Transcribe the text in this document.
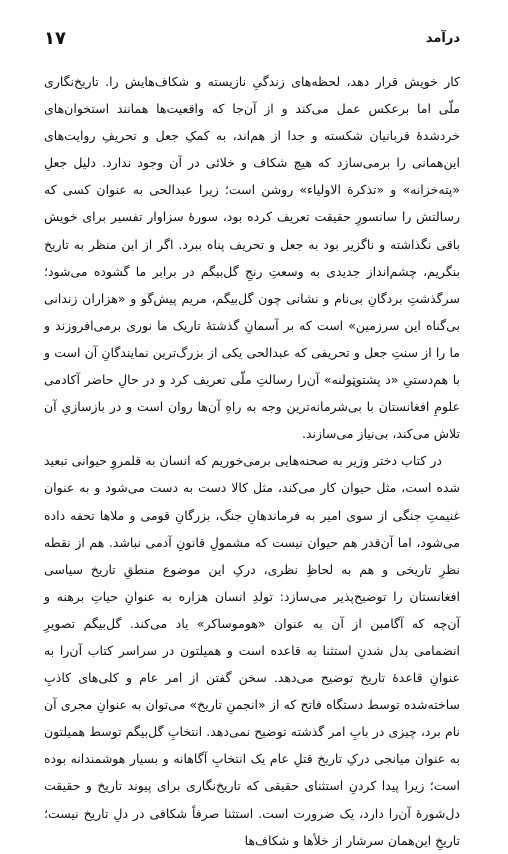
۱۷	درآمد

کار خویش قرار دهد، لحظه‌های زندگیِ نازیسته و شکاف‌هایش را. تاریخ‌نگاری ملّی اما برعکس عمل می‌کند و از آن‌جا که واقعیت‌ها همانند استخوان‌های خردشدۀ قربانیان شکسته و جدا از هم‌اند، به کمکِ جعل و تحریفِ روایت‌های این‌همانی را برمی‌سازد که هیچ شکاف و خلائی در آن وجود ندارد. دلیل جعلِ «پتەخزانه» و «تذکرة الاولیاء» روشن است؛ زیرا عبدالحی به عنوان کسی که رسالتش را سانسورِ حقیقت تعریف کرده بود، سورۀ سزاوار تفسیر برای خویش باقی نگذاشته و ناگزیر بود به جعل و تحریف پناه ببرد. اگر از این منظر به تاریخ بنگریم، چشم‌انداز جدیدی به وسعتِ رنجِ گل‌بیگم در برابر ما گشوده می‌شود؛ سرگذشتِ بردگانِ بی‌نام و نشانی چون گل‌بیگم، مریم پیش‌گو و «هزاران زندانی بی‌گناه این سرزمین» است که بر آسمانِ گذشتۀ تاریک ما نوری برمی‌افروزند و ما را از سنتِ جعل و تحریفی که عبدالحی یکی از بزرگ‌ترین نمایندگانِ آن است و با هم‌دستیِ «د پشتوټولنه» آن‌را رسالتِ ملّی تعریف کرد و در حالِ حاضر آکادمی علومِ افغانستان با بی‌شرمانه‌ترین وجه به راهِ آن‌ها روان است و در بازسازیِ آن تلاش می‌کند، بی‌نیاز می‌سازند.

در کتاب دختر وزیر به صحنه‌هایی برمی‌خوریم که انسان به قلمروِ حیوانی تبعید شده است، مثل حیوان کار می‌کند، مثل کالا دست به دست می‌شود و به عنوان غنیمتِ جنگی از سوی امیر به فرماندهانِ جنگ، بزرگانِ قومی و ملاها تحفه داده می‌شود، اما آن‌قدر هم حیوان نیست که مشمولِ قانونِ آدمی نباشد. هم از نقطه نظرِ تاریخی و هم به لحاظِ نظری، درکِ این موضوع منطقِ تاریخ سیاسی افغانستان را توضیح‌پذیر می‌سازد: تولدِ انسان هزاره به عنوانِ حیاتِ برهنه و آن‌چه که آگامبن از آن به عنوان «هوموساکر» یاد می‌کند. گل‌بیگم تصویرِ انضمامی بدل شدنِ استثنا به قاعده است و همیلتون در سراسر کتاب آن‌را به عنوانِ قاعدۀ تاریخ توضیح می‌دهد. سخن گفتن از امر عام و کلی‌های کاذبِ ساخته‌شده توسط دستگاه فاتح که از «انجمنِ تاریخ» می‌توان به عنوانِ مجری آن نام برد، چیزی در بابِ امر گذشته توضیح نمی‌دهد. انتخابِ گل‌بیگم توسط همیلتون به عنوان میانجی درکِ تاریخ قتلِ عام یک انتخابِ آگاهانه و بسیار هوشمندانه بوده است؛ زیرا پیدا کردنِ استثنای حقیقی که تاریخ‌نگاری برای پیوند تاریخ و حقیقت دل‌شورۀ آن‌را دارد، یک ضرورت است. استثنا صرفاً شکافی در دلِ تاریخ نیست؛ تاریخِ این‌همان سرشار از خلأها و شکاف‌ها
